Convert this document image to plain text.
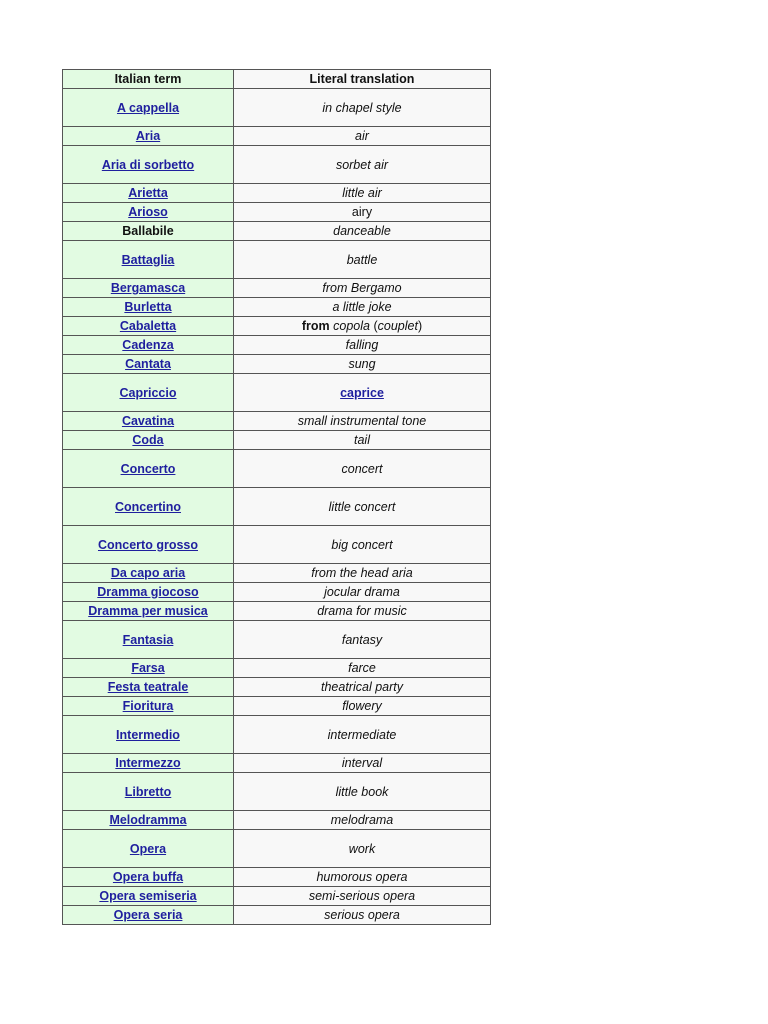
Italian term	Literal translation
A cappella	in chapel style
Aria	air
Aria di sorbetto	sorbet air
Arietta	little air
Arioso	airy
Ballabile	danceable
Battaglia	battle
Bergamasca	from Bergamo
Burletta	a little joke
Cabaletta	from copola (couplet)
Cadenza	falling
Cantata	sung
Capriccio	caprice
Cavatina	small instrumental tone
Coda	tail
Concerto	concert
Concertino	little concert
Concerto grosso	big concert
Da capo aria	from the head aria
Dramma giocoso	jocular drama
Dramma per musica	drama for music
Fantasia	fantasy
Farsa	farce
Festa teatrale	theatrical party
Fioritura	flowery
Intermedio	intermediate
Intermezzo	interval
Libretto	little book
Melodramma	melodrama
Opera	work
Opera buffa	humorous opera
Opera semiseria	semi-serious opera
Opera seria	serious opera
